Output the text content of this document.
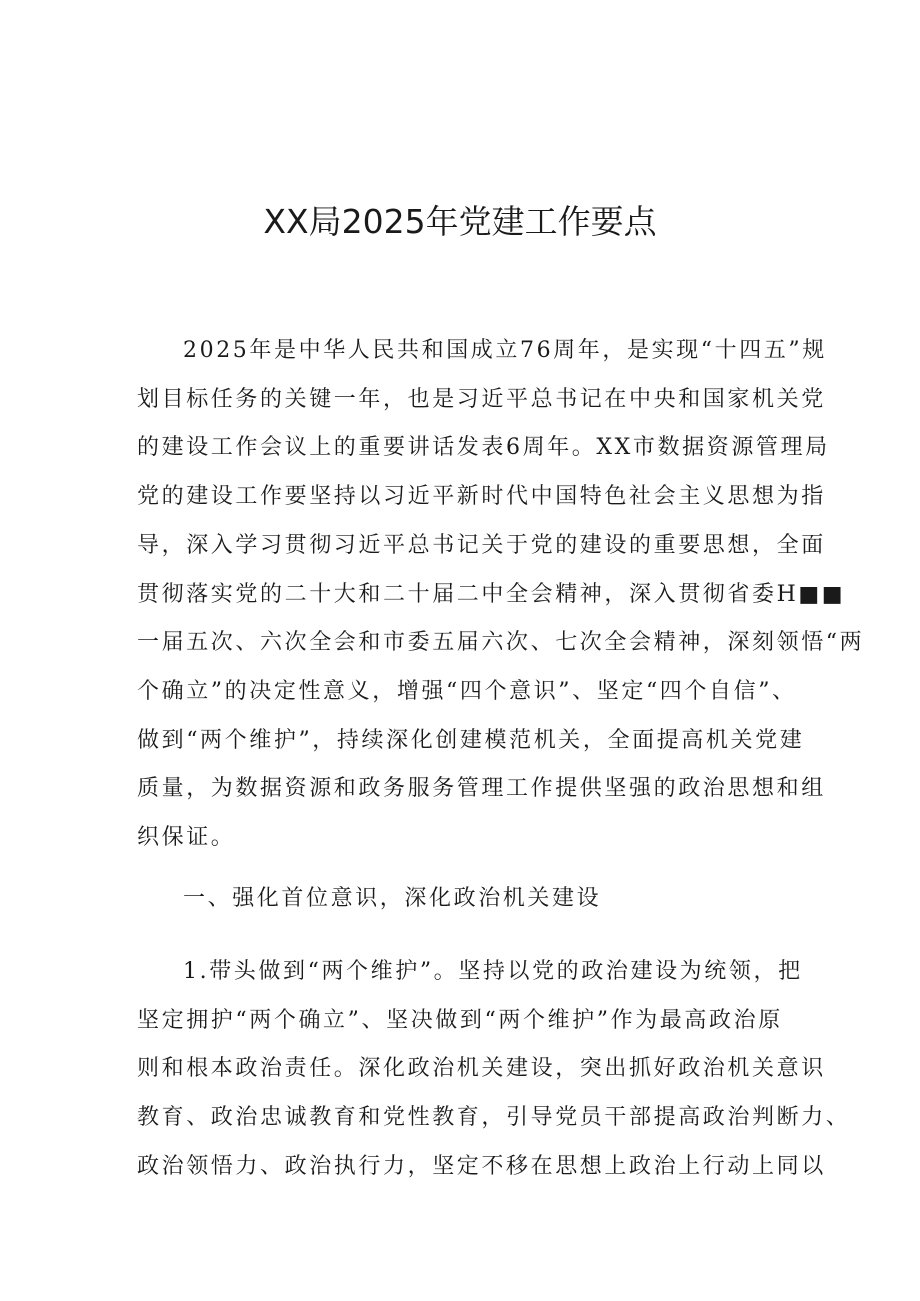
XX局2025年党建工作要点
2025年是中华人民共和国成立76周年，是实现“十四五”规
划目标任务的关键一年，也是习近平总书记在中央和国家机关党
的建设工作会议上的重要讲话发表6周年。XX市数据资源管理局
党的建设工作要坚持以习近平新时代中国特色社会主义思想为指
导，深入学习贯彻习近平总书记关于党的建设的重要思想，全面
贯彻落实党的二十大和二十届二中全会精神，深入贯彻省委H■■
一届五次、六次全会和市委五届六次、七次全会精神，深刻领悟“两
个确立”的决定性意义，增强“四个意识”、坚定“四个自信”、
做到“两个维护”，持续深化创建模范机关，全面提高机关党建
质量，为数据资源和政务服务管理工作提供坚强的政治思想和组
织保证。
一、强化首位意识，深化政治机关建设
1.带头做到“两个维护”。坚持以党的政治建设为统领，把
坚定拥护“两个确立”、坚决做到“两个维护”作为最高政治原
则和根本政治责任。深化政治机关建设，突出抓好政治机关意识
教育、政治忠诚教育和党性教育，引导党员干部提高政治判断力、
政治领悟力、政治执行力，坚定不移在思想上政治上行动上同以
